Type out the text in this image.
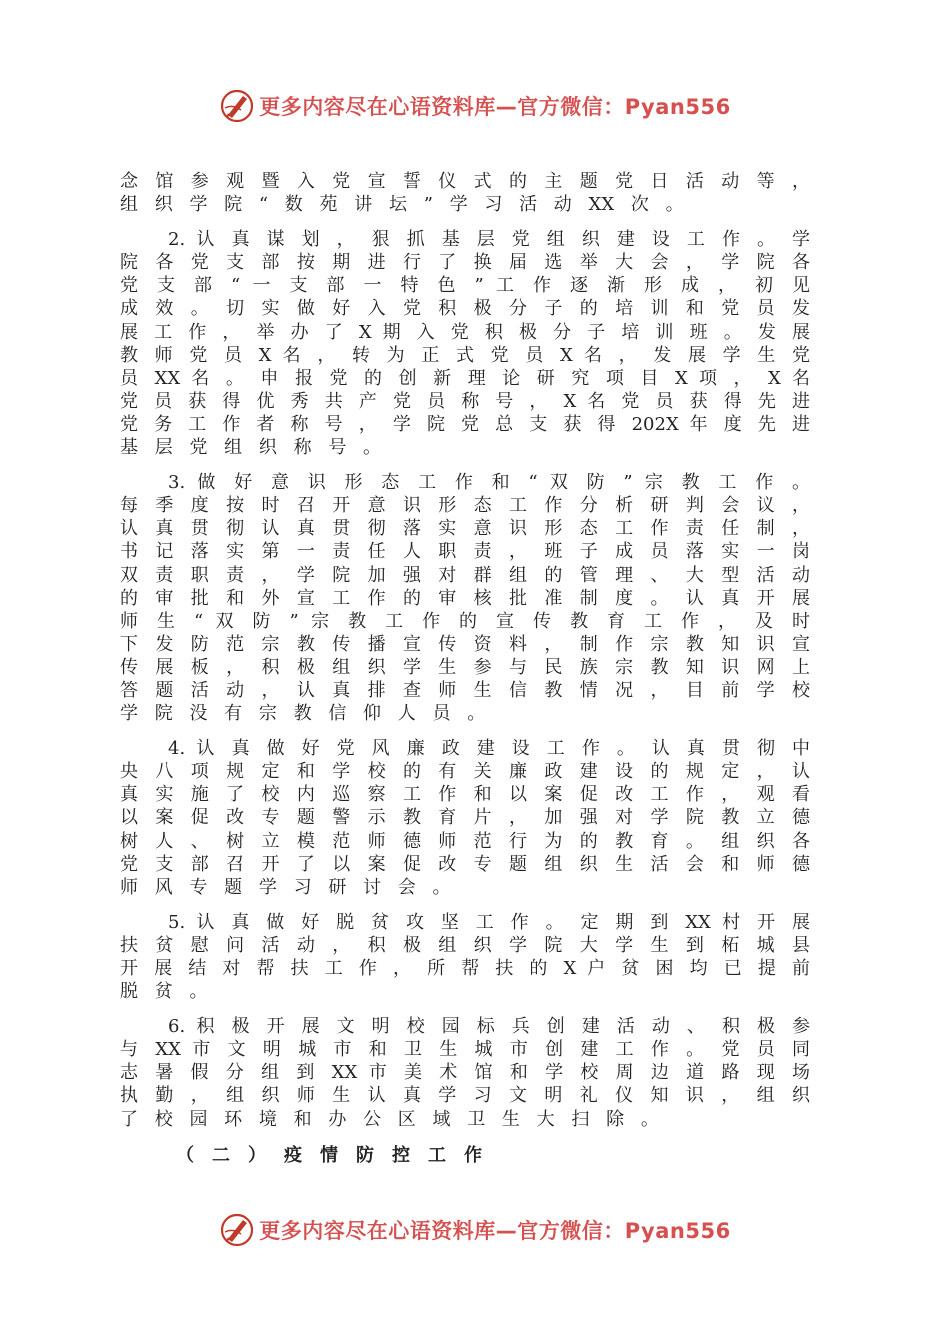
更多内容尽在心语资料库—官方微信：Pyan556
念 馆 参 观 暨 入 党 宣 誓 仪 式 的 主 题 党 日 活 动 等 ，
组 织 学 院 “ 数 苑 讲 坛 ” 学 习 活 动 XX 次 。
2. 认 真 谋 划 ， 狠 抓 基 层 党 组 织 建 设 工 作 。 学
院 各 党 支 部 按 期 进 行 了 换 届 选 举 大 会 ， 学 院 各
党 支 部 “ 一 支 部 一 特 色 ” 工 作 逐 渐 形 成 ， 初 见
成 效 。 切 实 做 好 入 党 积 极 分 子 的 培 训 和 党 员 发
展 工 作 ， 举 办 了 X 期 入 党 积 极 分 子 培 训 班 。 发 展
教 师 党 员 X 名 ， 转 为 正 式 党 员 X 名 ， 发 展 学 生 党
员 XX 名 。 申 报 党 的 创 新 理 论 研 究 项 目 X 项 ， X 名
党 员 获 得 优 秀 共 产 党 员 称 号 ， X 名 党 员 获 得 先 进
党 务 工 作 者 称 号 ， 学 院 党 总 支 获 得 202X 年 度 先 进
基 层 党 组 织 称 号 。
3. 做 好 意 识 形 态 工 作 和 “ 双 防 ” 宗 教 工 作 。
每 季 度 按 时 召 开 意 识 形 态 工 作 分 析 研 判 会 议 ，
认 真 贯 彻 认 真 贯 彻 落 实 意 识 形 态 工 作 责 任 制 ，
书 记 落 实 第 一 责 任 人 职 责 ， 班 子 成 员 落 实 一 岗
双 责 职 责 ， 学 院 加 强 对 群 组 的 管 理 、 大 型 活 动
的 审 批 和 外 宣 工 作 的 审 核 批 准 制 度 。 认 真 开 展
师 生 “ 双 防 ” 宗 教 工 作 的 宣 传 教 育 工 作 ， 及 时
下 发 防 范 宗 教 传 播 宣 传 资 料 ， 制 作 宗 教 知 识 宣
传 展 板 ， 积 极 组 织 学 生 参 与 民 族 宗 教 知 识 网 上
答 题 活 动 ， 认 真 排 查 师 生 信 教 情 况 ， 目 前 学 校
学 院 没 有 宗 教 信 仰 人 员 。
4. 认 真 做 好 党 风 廉 政 建 设 工 作 。 认 真 贯 彻 中
央 八 项 规 定 和 学 校 的 有 关 廉 政 建 设 的 规 定 ， 认
真 实 施 了 校 内 巡 察 工 作 和 以 案 促 改 工 作 ， 观 看
以 案 促 改 专 题 警 示 教 育 片 ， 加 强 对 学 院 教 立 德
树 人 、 树 立 模 范 师 德 师 范 行 为 的 教 育 。 组 织 各
党 支 部 召 开 了 以 案 促 改 专 题 组 织 生 活 会 和 师 德
师 风 专 题 学 习 研 讨 会 。
5. 认 真 做 好 脱 贫 攻 坚 工 作 。 定 期 到 XX 村 开 展
扶 贫 慰 问 活 动 ， 积 极 组 织 学 院 大 学 生 到 柘 城 县
开 展 结 对 帮 扶 工 作 ， 所 帮 扶 的 X 户 贫 困 均 已 提 前
脱 贫 。
6. 积 极 开 展 文 明 校 园 标 兵 创 建 活 动 、 积 极 参
与 XX 市 文 明 城 市 和 卫 生 城 市 创 建 工 作 。 党 员 同
志 暑 假 分 组 到 XX 市 美 术 馆 和 学 校 周 边 道 路 现 场
执 勤 ， 组 织 师 生 认 真 学 习 文 明 礼 仪 知 识 ， 组 织
了 校 园 环 境 和 办 公 区 域 卫 生 大 扫 除 。
（二）疫情防控工作
更多内容尽在心语资料库—官方微信：Pyan556
